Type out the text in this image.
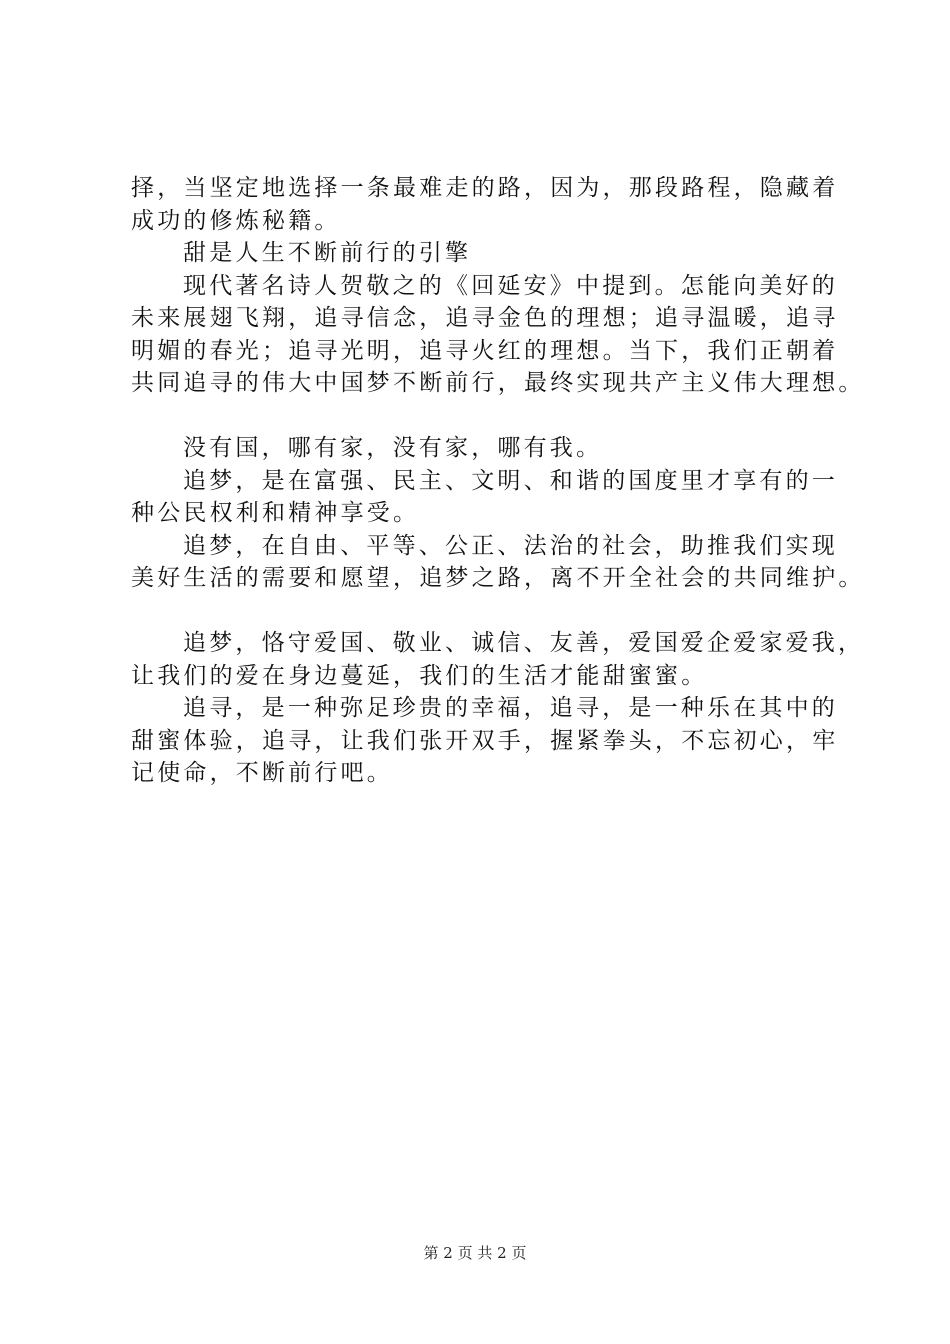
择，当坚定地选择一条最难走的路，因为，那段路程，隐藏着
成功的修炼秘籍。
甜是人生不断前行的引擎
现代著名诗人贺敬之的《回延安》中提到。怎能向美好的
未来展翅飞翔，追寻信念，追寻金色的理想；追寻温暖，追寻
明媚的春光；追寻光明，追寻火红的理想。当下，我们正朝着
共同追寻的伟大中国梦不断前行，最终实现共产主义伟大理想。
没有国，哪有家，没有家，哪有我。
追梦，是在富强、民主、文明、和谐的国度里才享有的一
种公民权利和精神享受。
追梦，在自由、平等、公正、法治的社会，助推我们实现
美好生活的需要和愿望，追梦之路，离不开全社会的共同维护。
追梦，恪守爱国、敬业、诚信、友善，爱国爱企爱家爱我，
让我们的爱在身边蔓延，我们的生活才能甜蜜蜜。
追寻，是一种弥足珍贵的幸福，追寻，是一种乐在其中的
甜蜜体验，追寻，让我们张开双手，握紧拳头，不忘初心，牢
记使命，不断前行吧。
第 2 页 共 2 页
